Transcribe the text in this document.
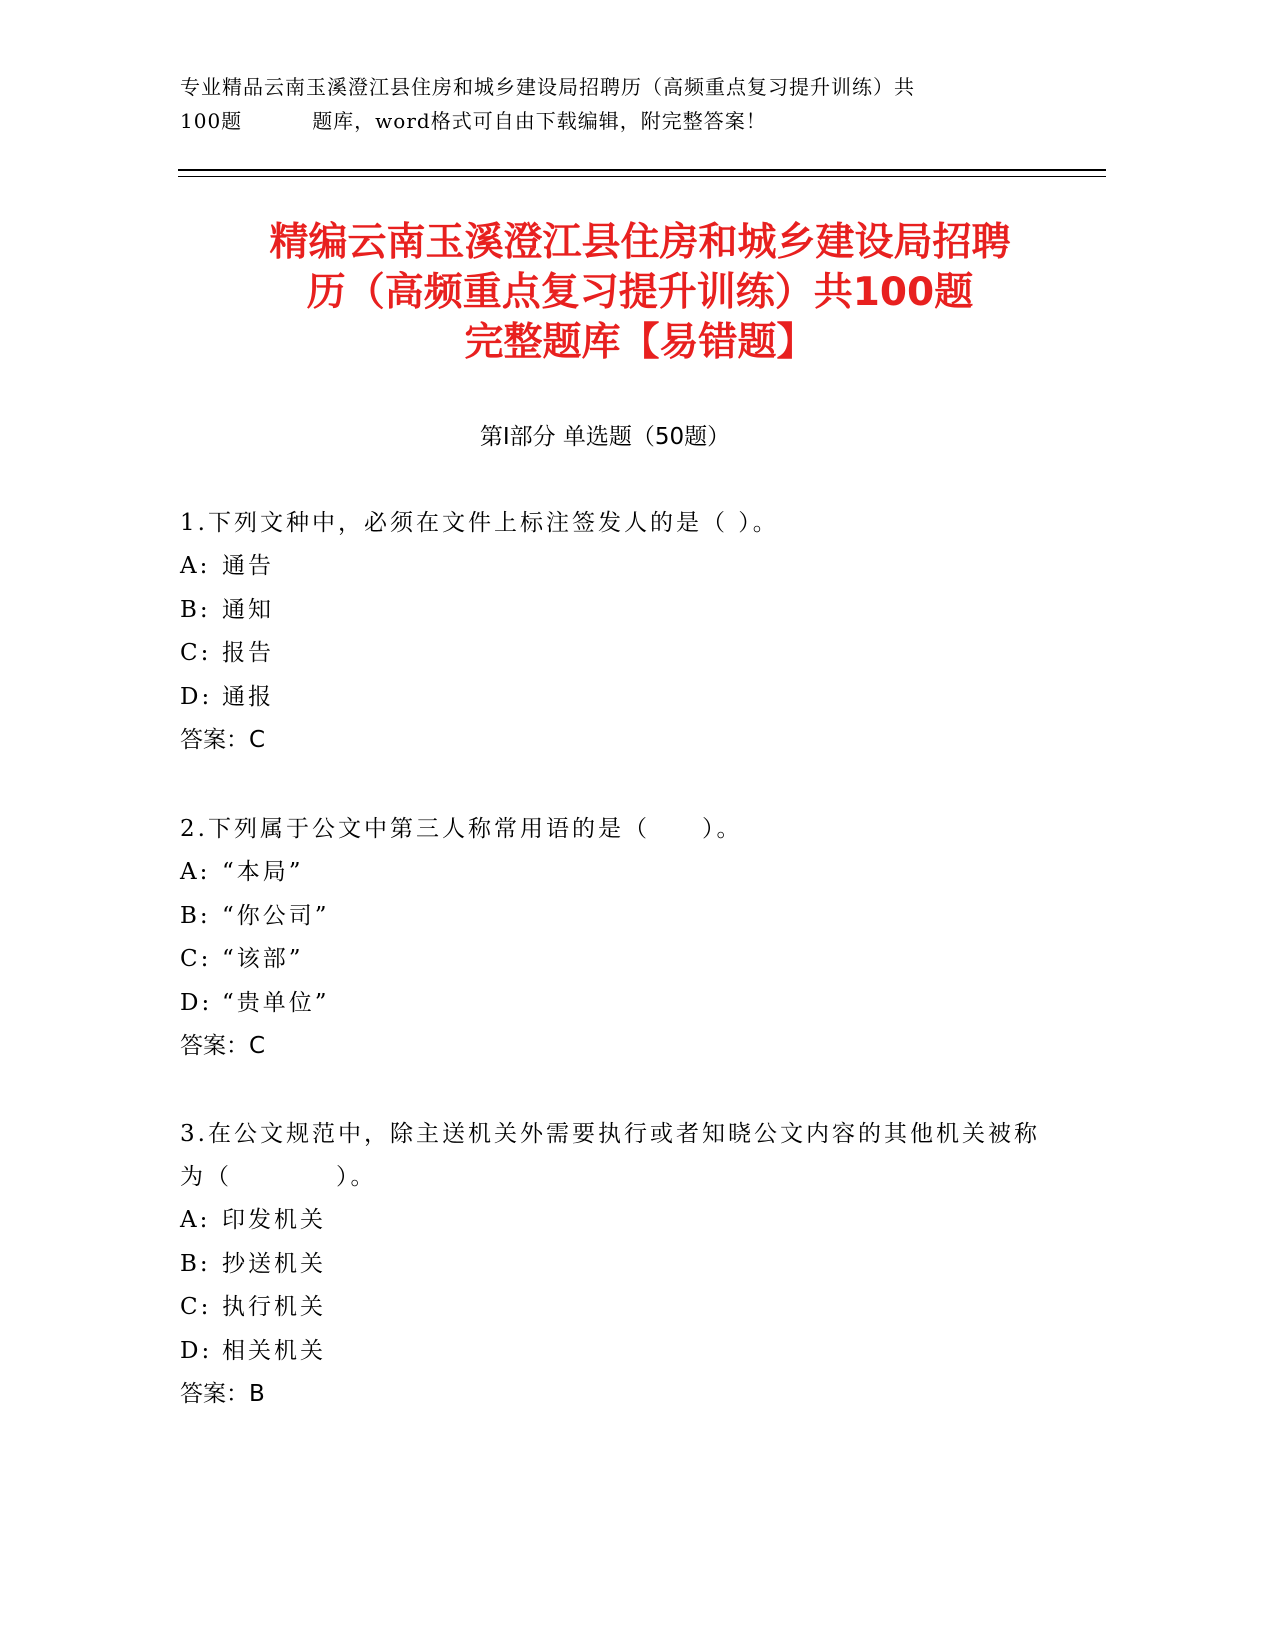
专业精品云南玉溪澄江县住房和城乡建设局招聘历（高频重点复习提升训练）共
100题	题库，word格式可自由下载编辑，附完整答案！
精编云南玉溪澄江县住房和城乡建设局招聘
历（高频重点复习提升训练）共100题
完整题库【易错题】
第Ⅰ部分 单选题（50题）

1.下列文种中，必须在文件上标注签发人的是（ ）。

A: 通告
B: 通知
C: 报告
D: 通报
答案：C

2.下列属于公文中第三人称常用语的是（　　）。

A: “本局”
B: “你公司”
C: “该部”
D: “贵单位”
答案：C

3.在公文规范中，除主送机关外需要执行或者知晓公文内容的其他机关被称为（　　　　）。

A: 印发机关
B: 抄送机关
C: 执行机关
D: 相关机关
答案：B
